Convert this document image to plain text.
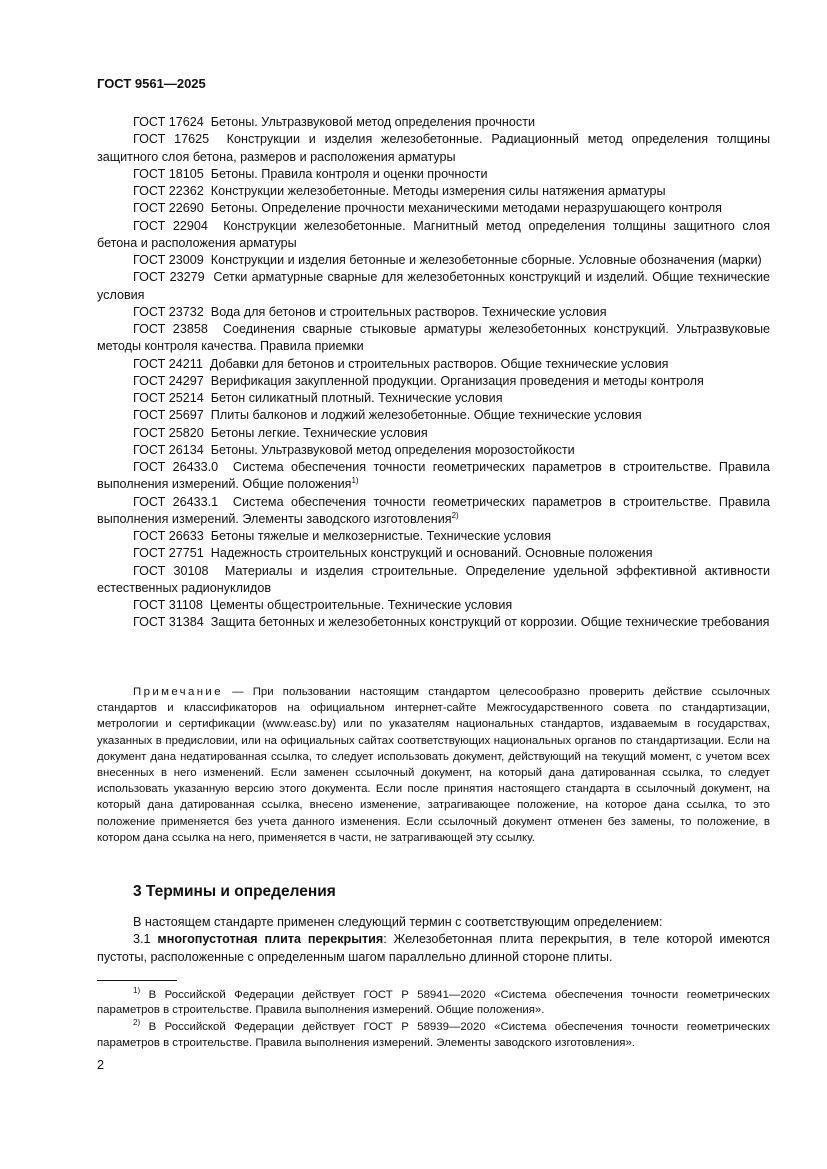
ГОСТ 9561—2025
ГОСТ 17624 Бетоны. Ультразвуковой метод определения прочности
ГОСТ 17625 Конструкции и изделия железобетонные. Радиационный метод определения толщины защитного слоя бетона, размеров и расположения арматуры
ГОСТ 18105 Бетоны. Правила контроля и оценки прочности
ГОСТ 22362 Конструкции железобетонные. Методы измерения силы натяжения арматуры
ГОСТ 22690 Бетоны. Определение прочности механическими методами неразрушающего контроля
ГОСТ 22904 Конструкции железобетонные. Магнитный метод определения толщины защитного слоя бетона и расположения арматуры
ГОСТ 23009 Конструкции и изделия бетонные и железобетонные сборные. Условные обозначения (марки)
ГОСТ 23279 Сетки арматурные сварные для железобетонных конструкций и изделий. Общие технические условия
ГОСТ 23732 Вода для бетонов и строительных растворов. Технические условия
ГОСТ 23858 Соединения сварные стыковые арматуры железобетонных конструкций. Ультразвуковые методы контроля качества. Правила приемки
ГОСТ 24211 Добавки для бетонов и строительных растворов. Общие технические условия
ГОСТ 24297 Верификация закупленной продукции. Организация проведения и методы контроля
ГОСТ 25214 Бетон силикатный плотный. Технические условия
ГОСТ 25697 Плиты балконов и лоджий железобетонные. Общие технические условия
ГОСТ 25820 Бетоны легкие. Технические условия
ГОСТ 26134 Бетоны. Ультразвуковой метод определения морозостойкости
ГОСТ 26433.0 Система обеспечения точности геометрических параметров в строительстве. Правила выполнения измерений. Общие положения$^{1)}$
ГОСТ 26433.1 Система обеспечения точности геометрических параметров в строительстве. Правила выполнения измерений. Элементы заводского изготовления$^{2)}$
ГОСТ 26633 Бетоны тяжелые и мелкозернистые. Технические условия
ГОСТ 27751 Надежность строительных конструкций и оснований. Основные положения
ГОСТ 30108 Материалы и изделия строительные. Определение удельной эффективной активности естественных радионуклидов
ГОСТ 31108 Цементы общестроительные. Технические условия
ГОСТ 31384 Защита бетонных и железобетонных конструкций от коррозии. Общие технические требования
Примечание — При пользовании настоящим стандартом целесообразно проверить действие ссылочных стандартов и классификаторов на официальном интернет-сайте Межгосударственного совета по стандартизации, метрологии и сертификации (www.easc.by) или по указателям национальных стандартов, издаваемым в государствах, указанных в предисловии, или на официальных сайтах соответствующих национальных органов по стандартизации. Если на документ дана недатированная ссылка, то следует использовать документ, действующий на текущий момент, с учетом всех внесенных в него изменений. Если заменен ссылочный документ, на который дана датированная ссылка, то следует использовать указанную версию этого документа. Если после принятия настоящего стандарта в ссылочный документ, на который дана датированная ссылка, внесено изменение, затрагивающее положение, на которое дана ссылка, то это положение применяется без учета данного изменения. Если ссылочный документ отменен без замены, то положение, в котором дана ссылка на него, применяется в части, не затрагивающей эту ссылку.
3 Термины и определения

В настоящем стандарте применен следующий термин с соответствующим определением:

3.1 многопустотная плита перекрытия: Железобетонная плита перекрытия, в теле которой имеются пустоты, расположенные с определенным шагом параллельно длинной стороне плиты.

$^{1)}$ В Российской Федерации действует ГОСТ Р 58941—2020 «Система обеспечения точности геометрических параметров в строительстве. Правила выполнения измерений. Общие положения».
$^{2)}$ В Российской Федерации действует ГОСТ Р 58939—2020 «Система обеспечения точности геометрических параметров в строительстве. Правила выполнения измерений. Элементы заводского изготовления».
2
